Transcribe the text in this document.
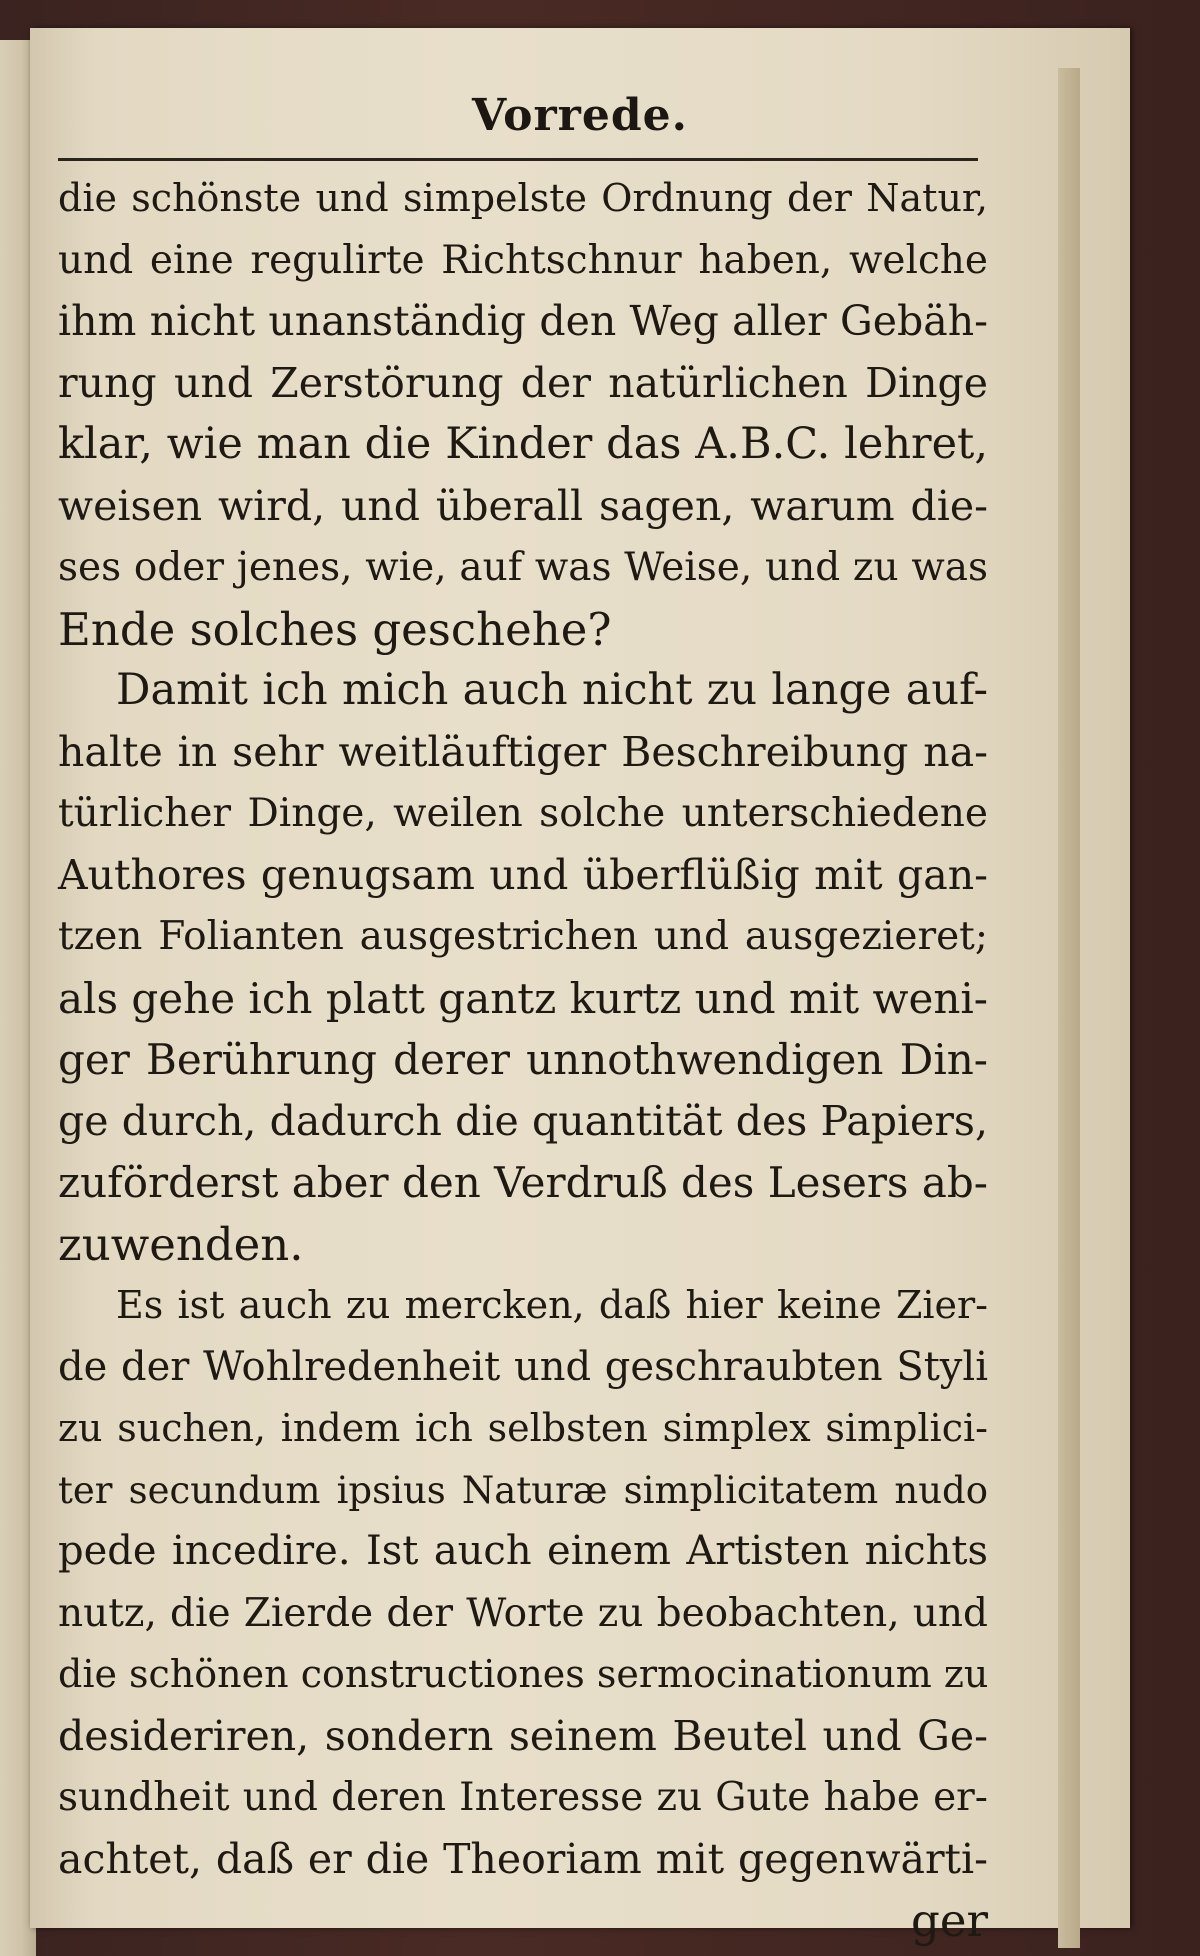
Vorrede.
die schönste und simpelste Ordnung der Natur,
und eine regulirte Richtschnur haben, welche
ihm nicht unanständig den Weg aller Gebäh-
rung und Zerstörung der natürlichen Dinge
klar, wie man die Kinder das A.B.C. lehret,
weisen wird, und überall sagen, warum die-
ses oder jenes, wie, auf was Weise, und zu was
Ende solches geschehe?
Damit ich mich auch nicht zu lange auf-
halte in sehr weitläuftiger Beschreibung na-
türlicher Dinge, weilen solche unterschiedene
Authores genugsam und überflüßig mit gan-
tzen Folianten ausgestrichen und ausgezieret;
als gehe ich platt gantz kurtz und mit weni-
ger Berührung derer unnothwendigen Din-
ge durch, dadurch die quantität des Papiers,
zuförderst aber den Verdruß des Lesers ab-
zuwenden.
Es ist auch zu mercken, daß hier keine Zier-
de der Wohlredenheit und geschraubten Styli
zu suchen, indem ich selbsten simplex simplici-
ter secundum ipsius Naturæ simplicitatem nudo
pede incedire. Ist auch einem Artisten nichts
nutz, die Zierde der Worte zu beobachten, und
die schönen constructiones sermocinationum zu
desideriren, sondern seinem Beutel und Ge-
sundheit und deren Interesse zu Gute habe er-
achtet, daß er die Theoriam mit gegenwärti-
ger
